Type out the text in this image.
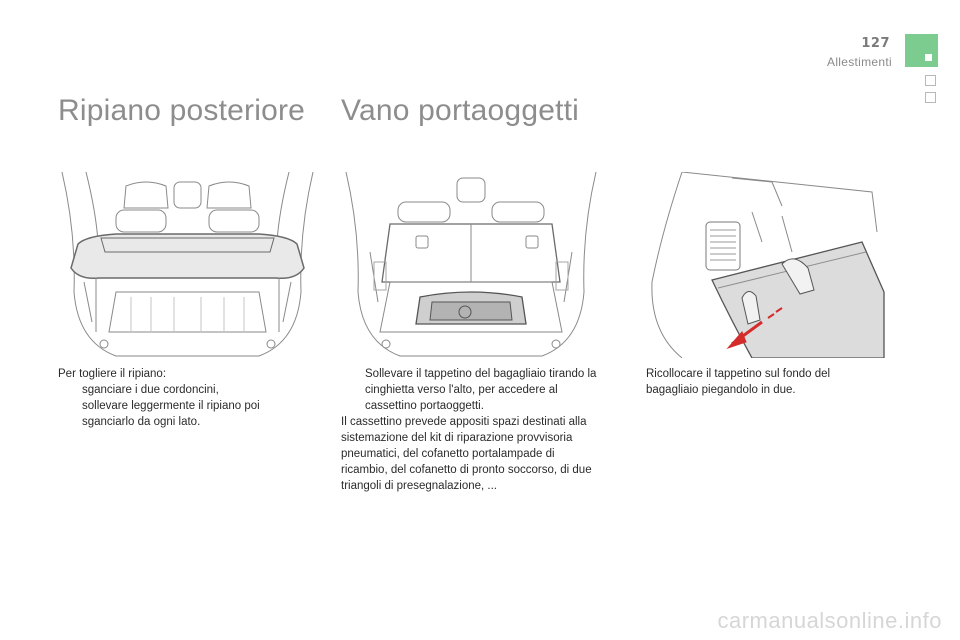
127
Allestimenti
Ripiano posteriore Vano portaoggetti

Per togliere il ripiano:

sganciare i due cordoncini,
sollevare leggermente il ripiano poi sganciarlo da ogni lato.
Sollevare il tappetino del bagagliaio tirando la cinghietta verso l'alto, per accedere al cassettino portaoggetti.

Il cassettino prevede appositi spazi destinati alla sistemazione del kit di riparazione provvisoria pneumatici, del cofanetto portalampade di ricambio, del cofanetto di pronto soccorso, di due triangoli di presegnalazione, ...

Ricollocare il tappetino sul fondo del bagagliaio piegandolo in due.
carmanualsonline.info
